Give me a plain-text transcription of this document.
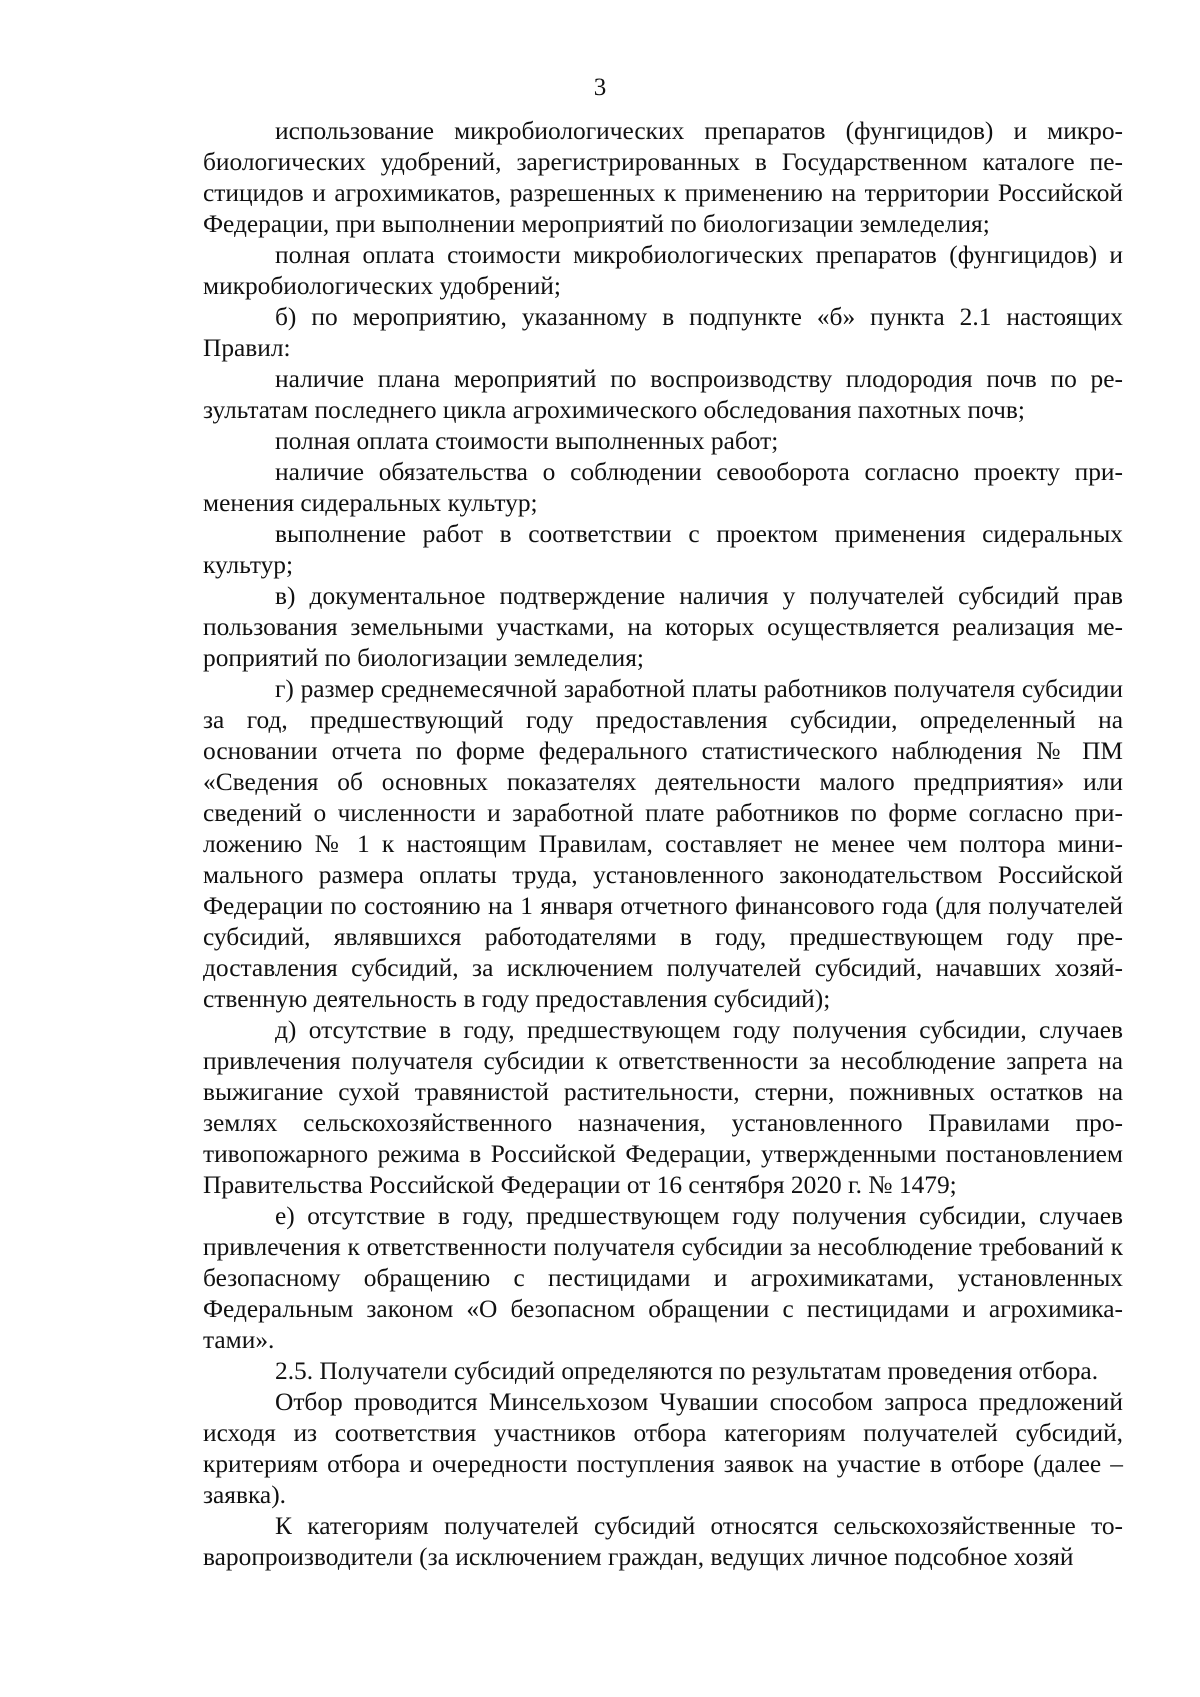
3

использование микробиологических препаратов (фунгицидов) и микробиологических удобрений, зарегистрированных в Государственном каталоге пестицидов и агрохимикатов, разрешенных к применению на территории Российской Федерации, при выполнении мероприятий по биологизации земледелия;

полная оплата стоимости микробиологических препаратов (фунгицидов) и микробиологических удобрений;

б) по мероприятию, указанному в подпункте «б» пункта 2.1 настоящих Правил:

наличие плана мероприятий по воспроизводству плодородия почв по результатам последнего цикла агрохимического обследования пахотных почв;

полная оплата стоимости выполненных работ;

наличие обязательства о соблюдении севооборота согласно проекту применения сидеральных культур;

выполнение работ в соответствии с проектом применения сидеральных культур;

в) документальное подтверждение наличия у получателей субсидий прав пользования земельными участками, на которых осуществляется реализация мероприятий по биологизации земледелия;

г) размер среднемесячной заработной платы работников получателя субсидии за год, предшествующий году предоставления субсидии, определенный на основании отчета по форме федерального статистического наблюдения № ПМ «Сведения об основных показателях деятельности малого предприятия» или сведений о численности и заработной плате работников по форме согласно приложению № 1 к настоящим Правилам, составляет не менее чем полтора минимального размера оплаты труда, установленного законодательством Российской Федерации по состоянию на 1 января отчетного финансового года (для получателей субсидий, являвшихся работодателями в году, предшествующем году предоставления субсидий, за исключением получателей субсидий, начавших хозяйственную деятельность в году предоставления субсидий);

д) отсутствие в году, предшествующем году получения субсидии, случаев привлечения получателя субсидии к ответственности за несоблюдение запрета на выжигание сухой травянистой растительности, стерни, пожнивных остатков на землях сельскохозяйственного назначения, установленного Правилами противопожарного режима в Российской Федерации, утвержденными постановлением Правительства Российской Федерации от 16 сентября 2020 г. № 1479;

е) отсутствие в году, предшествующем году получения субсидии, случаев привлечения к ответственности получателя субсидии за несоблюдение требований к безопасному обращению с пестицидами и агрохимикатами, установленных Федеральным законом «О безопасном обращении с пестицидами и агрохимикатами».

2.5. Получатели субсидий определяются по результатам проведения отбора.

Отбор проводится Минсельхозом Чувашии способом запроса предложений исходя из соответствия участников отбора категориям получателей субсидий, критериям отбора и очередности поступления заявок на участие в отборе (далее – заявка).

К категориям получателей субсидий относятся сельскохозяйственные товаропроизводители (за исключением граждан, ведущих личное подсобное хозяй
